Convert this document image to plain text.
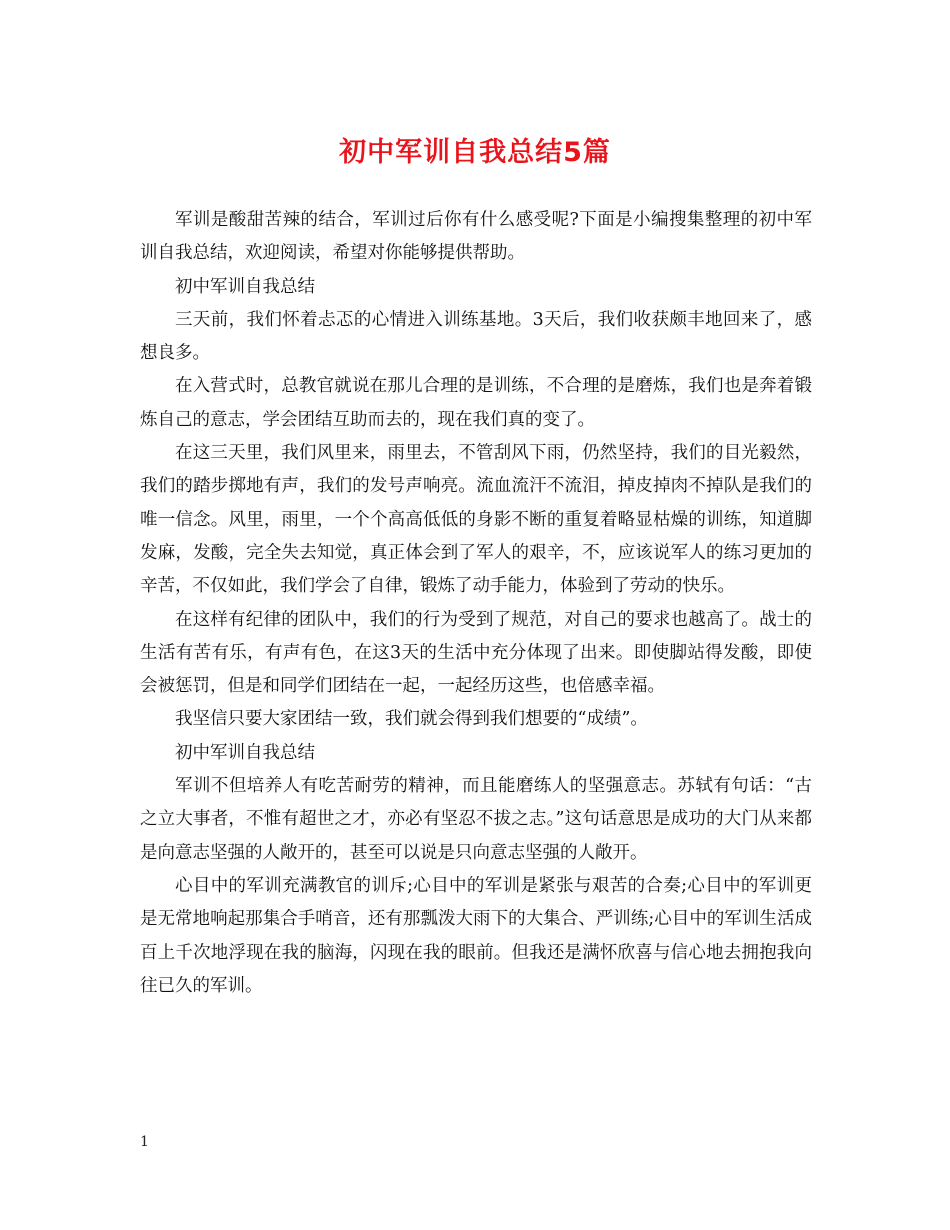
初中军训自我总结5篇

军训是酸甜苦辣的结合，军训过后你有什么感受呢?下面是小编搜集整理的初中军训自我总结，欢迎阅读，希望对你能够提供帮助。

初中军训自我总结

三天前，我们怀着忐忑的心情进入训练基地。3天后，我们收获颇丰地回来了，感想良多。

在入营式时，总教官就说在那儿合理的是训练，不合理的是磨炼，我们也是奔着锻炼自己的意志，学会团结互助而去的，现在我们真的变了。

在这三天里，我们风里来，雨里去，不管刮风下雨，仍然坚持，我们的目光毅然，我们的踏步掷地有声，我们的发号声响亮。流血流汗不流泪，掉皮掉肉不掉队是我们的唯一信念。风里，雨里，一个个高高低低的身影不断的重复着略显枯燥的训练，知道脚发麻，发酸，完全失去知觉，真正体会到了军人的艰辛，不，应该说军人的练习更加的辛苦，不仅如此，我们学会了自律，锻炼了动手能力，体验到了劳动的快乐。

在这样有纪律的团队中，我们的行为受到了规范，对自己的要求也越高了。战士的生活有苦有乐，有声有色，在这3天的生活中充分体现了出来。即使脚站得发酸，即使会被惩罚，但是和同学们团结在一起，一起经历这些，也倍感幸福。

我坚信只要大家团结一致，我们就会得到我们想要的“成绩”。

初中军训自我总结

军训不但培养人有吃苦耐劳的精神，而且能磨练人的坚强意志。苏轼有句话：“古之立大事者，不惟有超世之才，亦必有坚忍不拔之志。”这句话意思是成功的大门从来都是向意志坚强的人敞开的，甚至可以说是只向意志坚强的人敞开。

心目中的军训充满教官的训斥;心目中的军训是紧张与艰苦的合奏;心目中的军训更是无常地响起那集合手哨音，还有那瓢泼大雨下的大集合、严训练;心目中的军训生活成百上千次地浮现在我的脑海，闪现在我的眼前。但我还是满怀欣喜与信心地去拥抱我向往已久的军训。

1
